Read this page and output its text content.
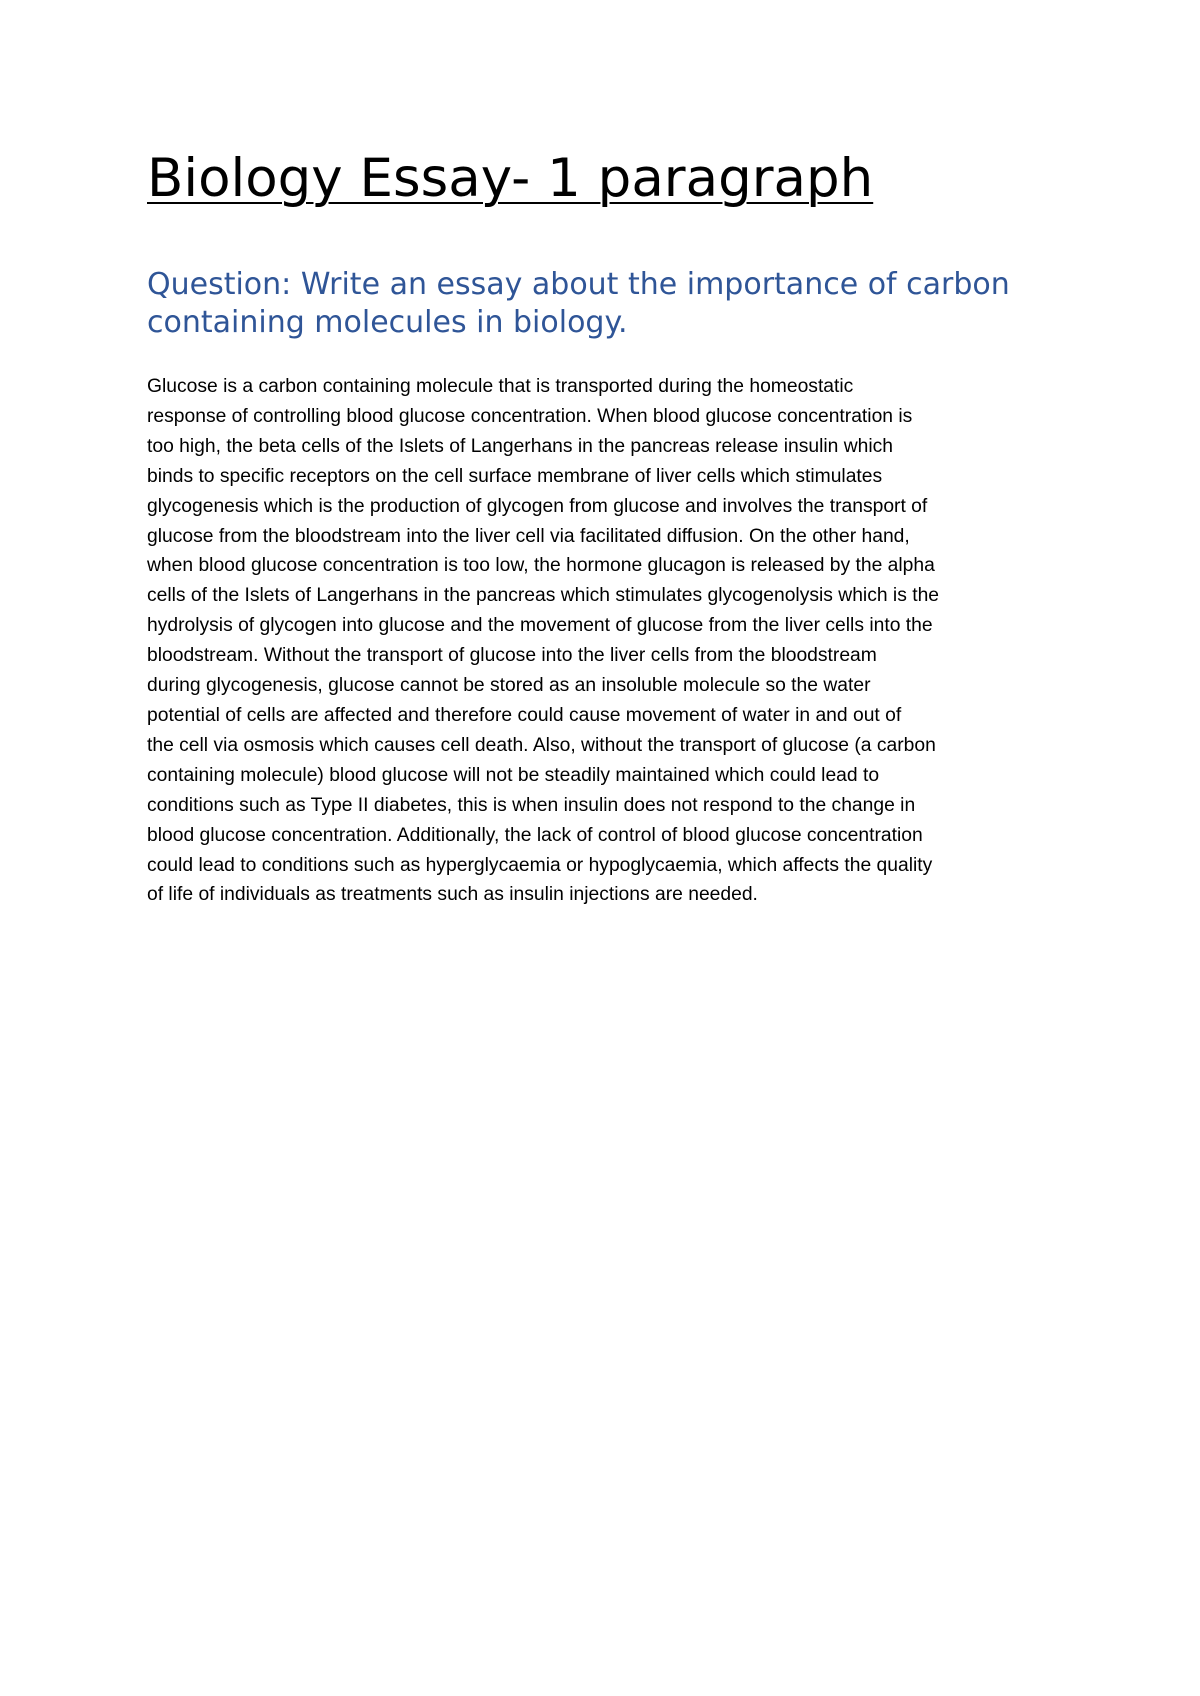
Biology Essay- 1 paragraph
Question: Write an essay about the importance of carbon containing molecules in biology.
Glucose is a carbon containing molecule that is transported during the homeostatic
response of controlling blood glucose concentration. When blood glucose concentration is
too high, the beta cells of the Islets of Langerhans in the pancreas release insulin which
binds to specific receptors on the cell surface membrane of liver cells which stimulates
glycogenesis which is the production of glycogen from glucose and involves the transport of
glucose from the bloodstream into the liver cell via facilitated diffusion. On the other hand,
when blood glucose concentration is too low, the hormone glucagon is released by the alpha
cells of the Islets of Langerhans in the pancreas which stimulates glycogenolysis which is the
hydrolysis of glycogen into glucose and the movement of glucose from the liver cells into the
bloodstream. Without the transport of glucose into the liver cells from the bloodstream
during glycogenesis, glucose cannot be stored as an insoluble molecule so the water
potential of cells are affected and therefore could cause movement of water in and out of
the cell via osmosis which causes cell death. Also, without the transport of glucose (a carbon
containing molecule) blood glucose will not be steadily maintained which could lead to
conditions such as Type II diabetes, this is when insulin does not respond to the change in
blood glucose concentration. Additionally, the lack of control of blood glucose concentration
could lead to conditions such as hyperglycaemia or hypoglycaemia, which affects the quality
of life of individuals as treatments such as insulin injections are needed.
